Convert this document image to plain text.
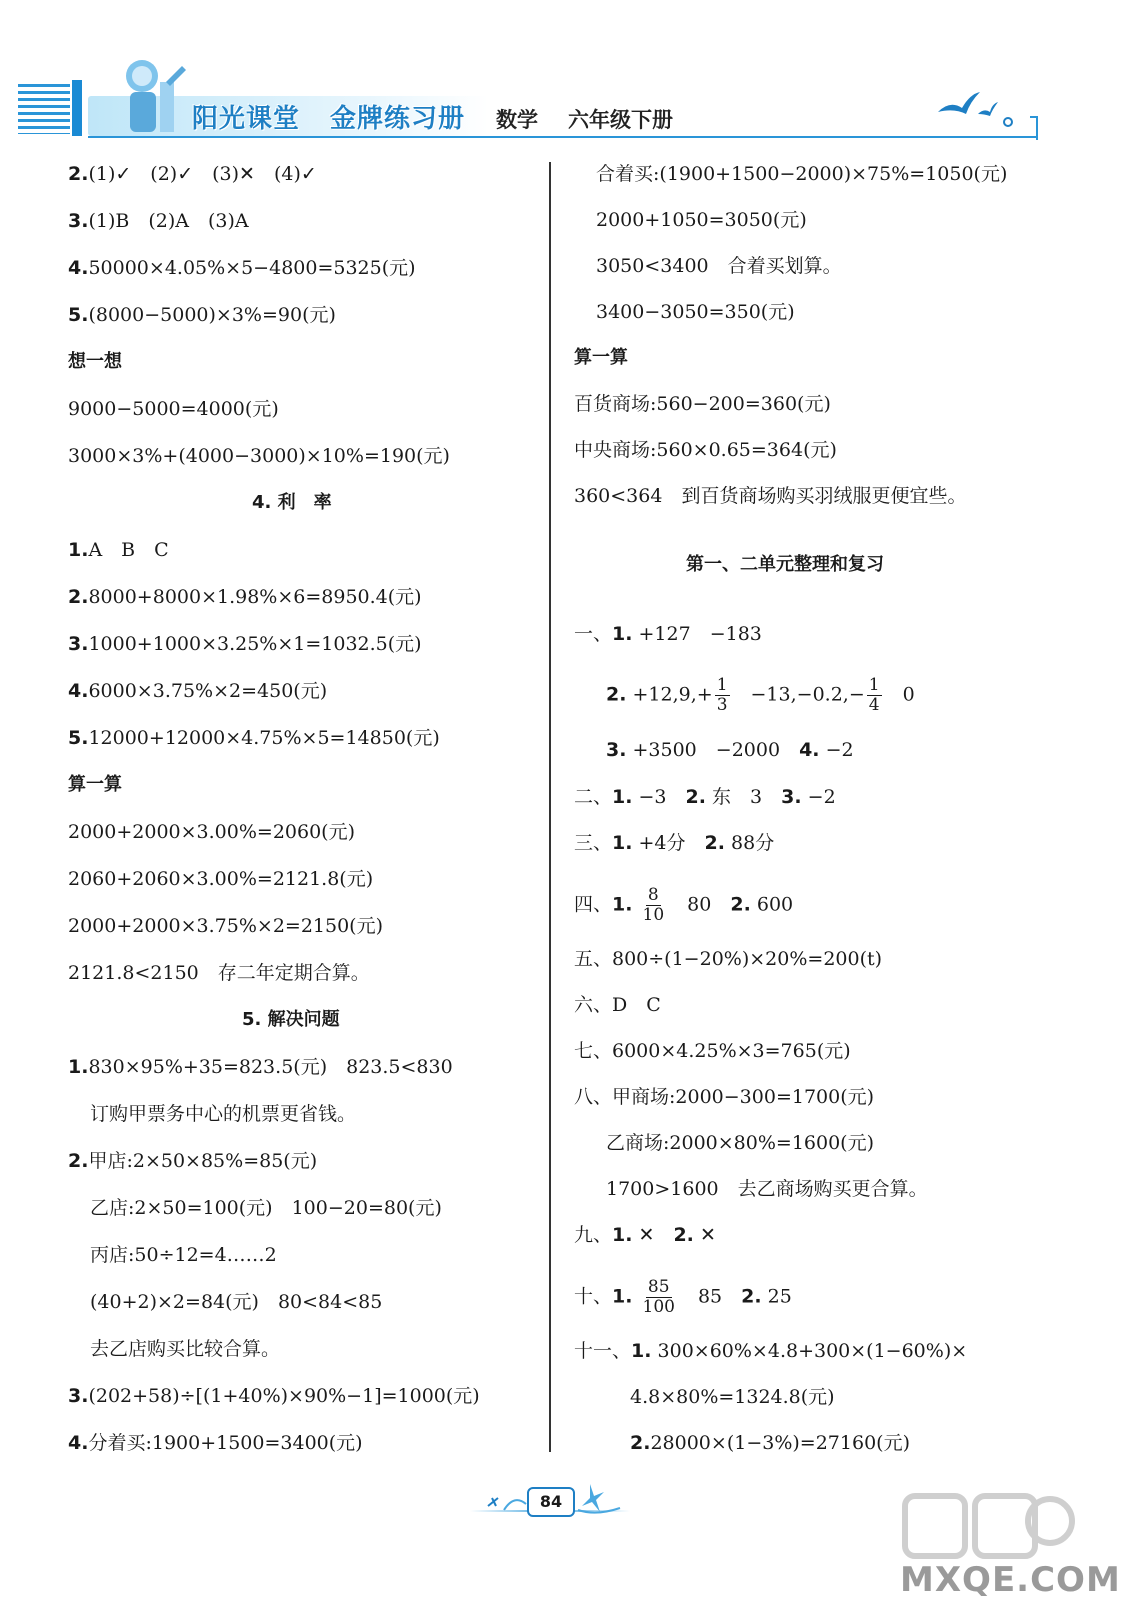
阳光课堂 金牌练习册 数学 六年级下册
2.(1)✓　(2)✓　(3)✕　(4)✓
3.(1)B　(2)A　(3)A
4.50000×4.05%×5−4800=5325(元)
5.(8000−5000)×3%=90(元)
想一想
9000−5000=4000(元)
3000×3%+(4000−3000)×10%=190(元)
4. 利　率
1.A　B　C
2.8000+8000×1.98%×6=8950.4(元)
3.1000+1000×3.25%×1=1032.5(元)
4.6000×3.75%×2=450(元)
5.12000+12000×4.75%×5=14850(元)
算一算
2000+2000×3.00%=2060(元)
2060+2060×3.00%=2121.8(元)
2000+2000×3.75%×2=2150(元)
2121.8<2150　存二年定期合算。
5. 解决问题
1.830×95%+35=823.5(元)　823.5<830
订购甲票务中心的机票更省钱。
2.甲店:2×50×85%=85(元)
乙店:2×50=100(元)　100−20=80(元)
丙店:50÷12=4……2
(40+2)×2=84(元)　80<84<85
去乙店购买比较合算。
3.(202+58)÷[(1+40%)×90%−1]=1000(元)
4.分着买:1900+1500=3400(元)
合着买:(1900+1500−2000)×75%=1050(元)
2000+1050=3050(元)
3050<3400　合着买划算。
3400−3050=350(元)
算一算
百货商场:560−200=360(元)
中央商场:560×0.65=364(元)
360<364　到百货商场购买羽绒服更便宜些。
第一、二单元整理和复习
一、1. +127　−183
2. $+12,9,+ \frac{1}{3}$ 　$-13,-0.2,- \frac{1}{4}$ 　0
3. +3500　−2000　 4. −2
二、1. −3　 2. 东　3　 3. −2
三、1. +4分　 2. 88分
四、1. $\frac{8}{10}$ 　80　 2. 600
五、800÷(1−20%)×20%=200(t)
六、D　C
七、6000×4.25%×3=765(元)
八、甲商场:2000−300=1700(元)
乙商场:2000×80%=1600(元)
1700>1600　去乙商场购买更合算。
九、1. ✕　 2. ✕
十、1. $\frac{85}{100}$ 　85　 2. 25
十一、1. 300×60%×4.8+300×(1−60%)×
4.8×80%=1324.8(元)
2.28000×(1−3%)=27160(元)
84
MXQE.COM
